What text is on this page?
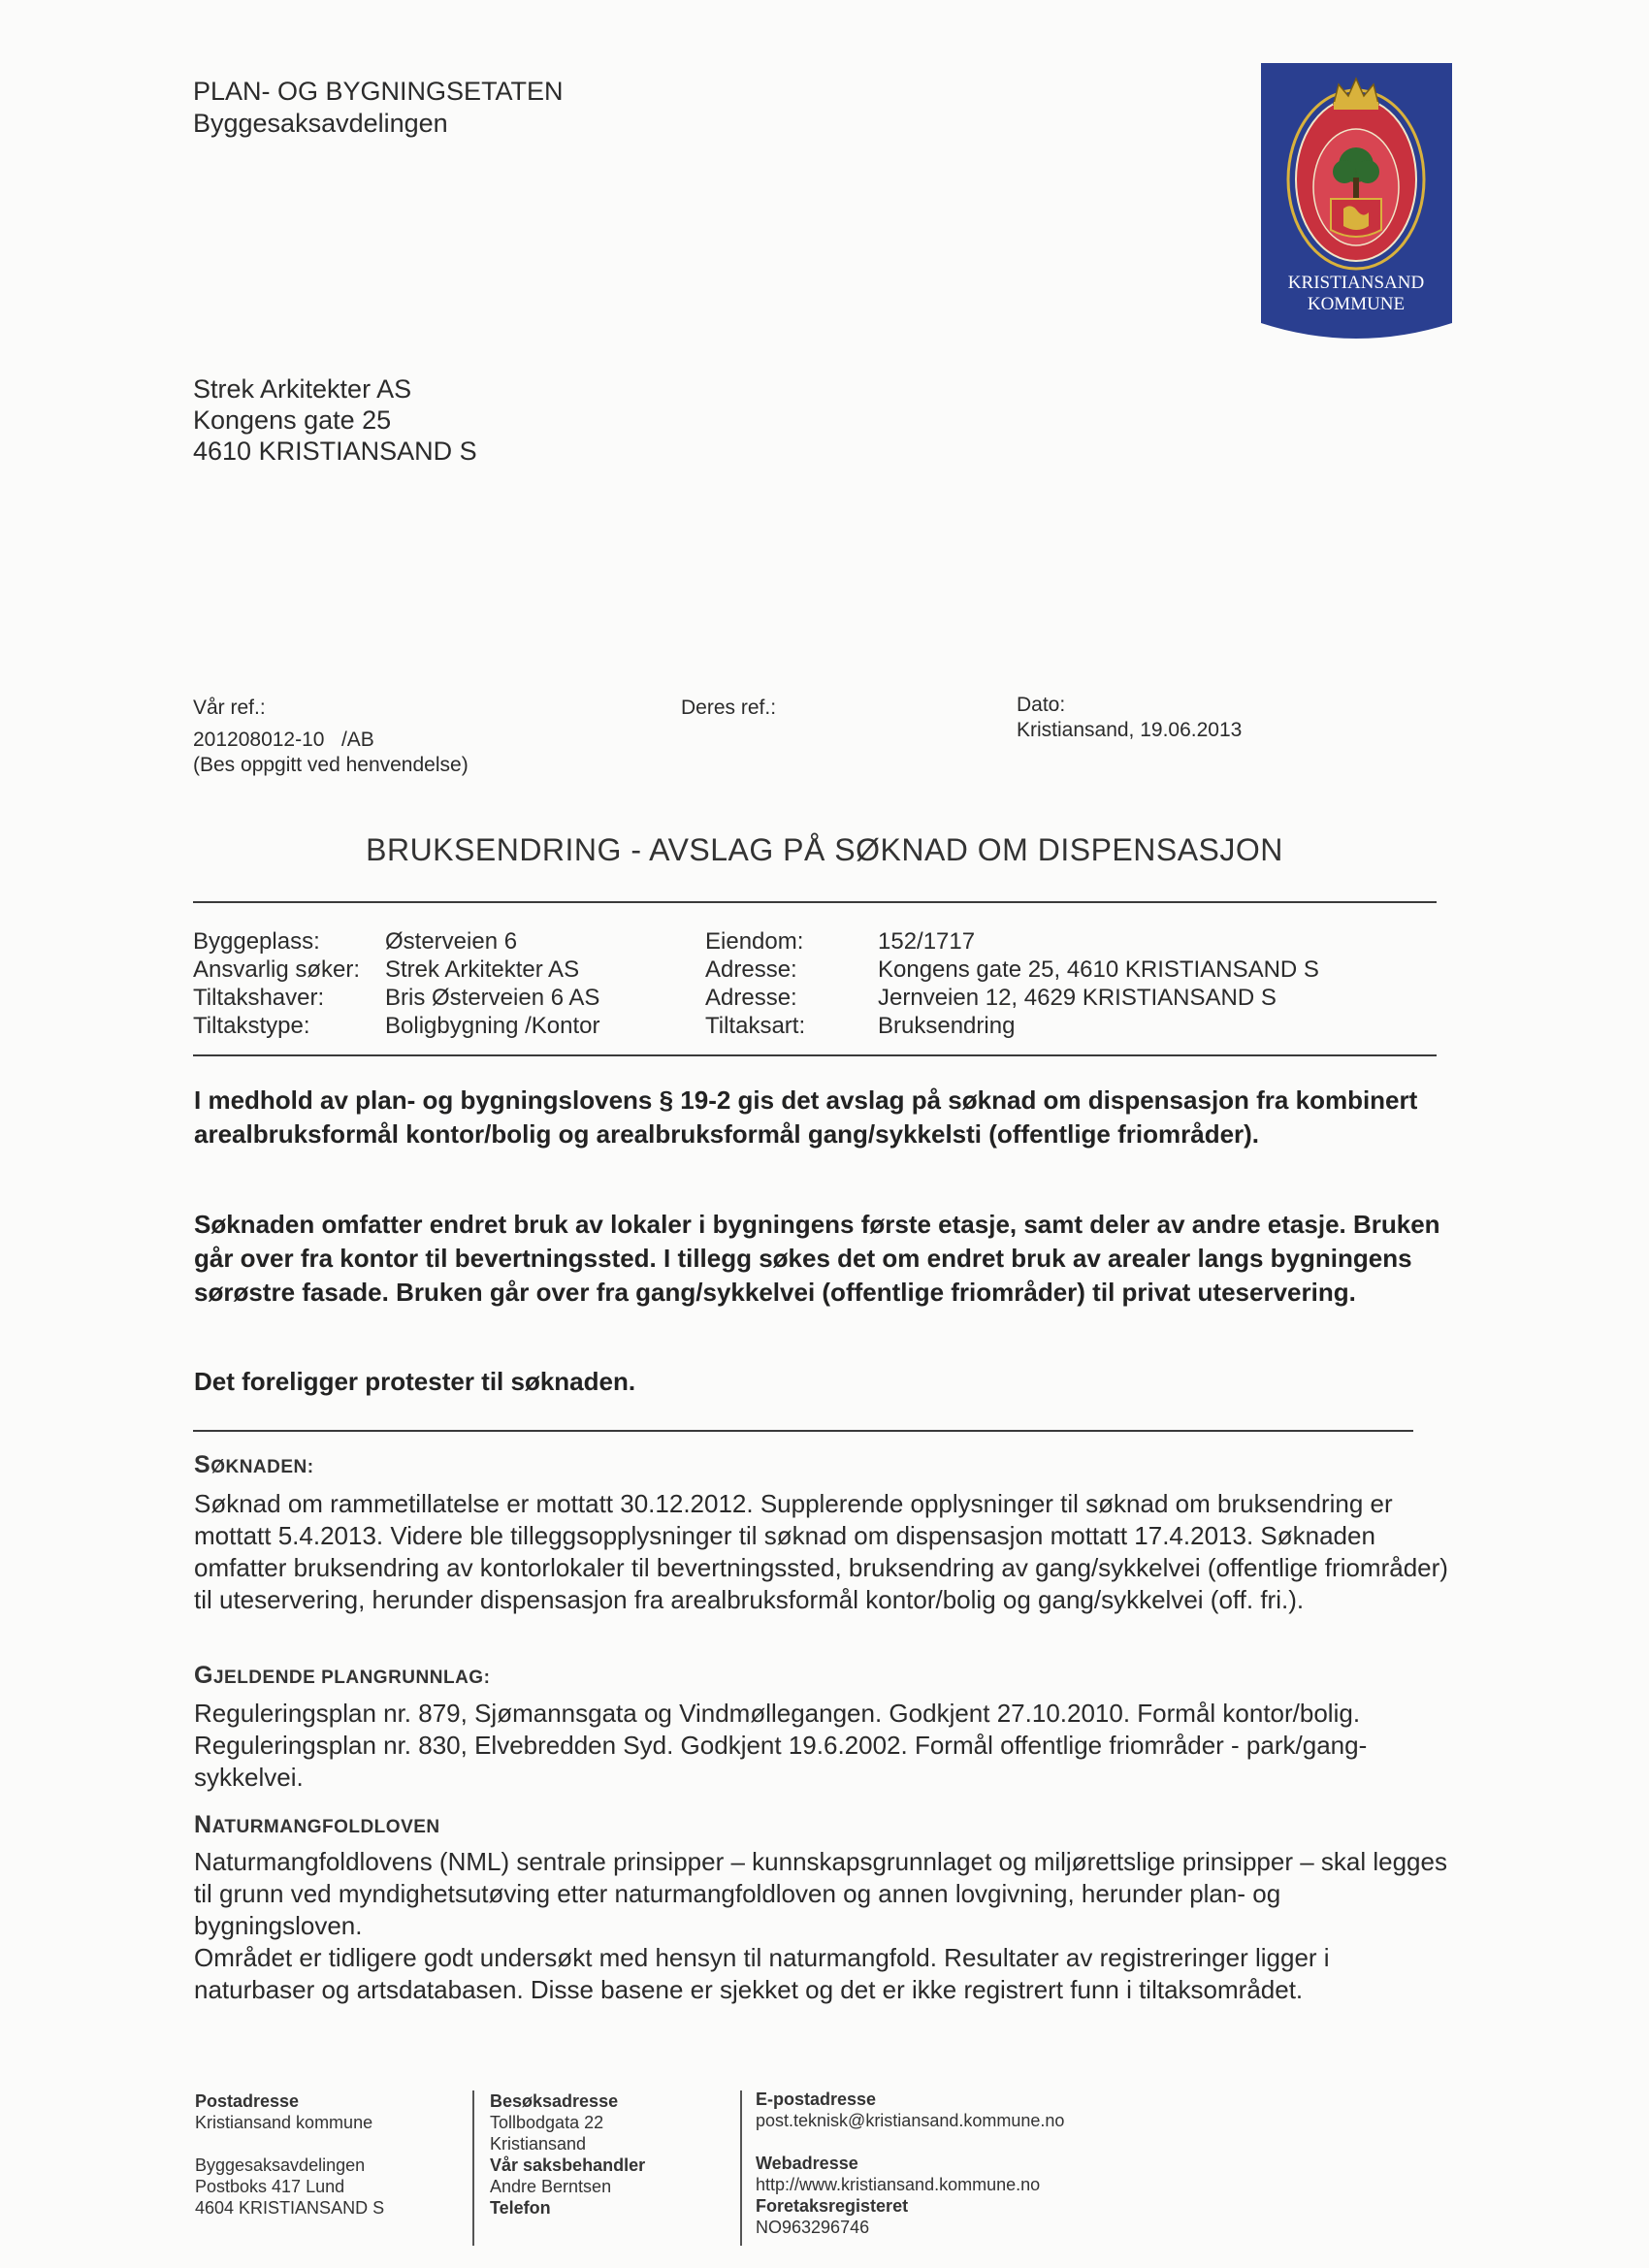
PLAN- OG BYGNINGSETATEN
Byggesaksavdelingen
KRISTIANSAND
KOMMUNE
Strek Arkitekter AS
Kongens gate 25
4610 KRISTIANSAND S
Vår ref.:
201208012-10   /AB
(Bes oppgitt ved henvendelse)
Deres ref.:	Dato:
Kristiansand, 19.06.2013
BRUKSENDRING - AVSLAG PÅ SØKNAD OM DISPENSASJON
Byggeplass:
Ansvarlig søker:
Tiltakshaver:
Tiltakstype:
Østerveien 6
Strek Arkitekter AS
Bris Østerveien 6 AS
Boligbygning /Kontor
Eiendom:
Adresse:
Adresse:
Tiltaksart:
152/1717
Kongens gate 25, 4610 KRISTIANSAND S
Jernveien 12, 4629 KRISTIANSAND S
Bruksendring
I medhold av plan- og bygningslovens § 19-2 gis det avslag på søknad om dispensasjon fra kombinert arealbruksformål kontor/bolig og arealbruksformål gang/sykkelsti (offentlige friområder).
Søknaden omfatter endret bruk av lokaler i bygningens første etasje, samt deler av andre etasje. Bruken går over fra kontor til bevertningssted. I tillegg søkes det om endret bruk av arealer langs bygningens sørøstre fasade. Bruken går over fra gang/sykkelvei (offentlige friområder) til privat uteservering.
Det foreligger protester til søknaden.
SØKNADEN:
Søknad om rammetillatelse er mottatt 30.12.2012. Supplerende opplysninger til søknad om bruksendring er mottatt 5.4.2013. Videre ble tilleggsopplysninger til søknad om dispensasjon mottatt 17.4.2013. Søknaden omfatter bruksendring av kontorlokaler til bevertningssted, bruksendring av gang/sykkelvei (offentlige friområder) til uteservering, herunder dispensasjon fra arealbruksformål kontor/bolig og gang/sykkelvei (off. fri.).
GJELDENDE PLANGRUNNLAG:
Reguleringsplan nr. 879, Sjømannsgata og Vindmøllegangen. Godkjent 27.10.2010. Formål kontor/bolig. Reguleringsplan nr. 830, Elvebredden Syd. Godkjent 19.6.2002. Formål offentlige friområder - park/gang-sykkelvei.
NATURMANGFOLDLOVEN
Naturmangfoldlovens (NML) sentrale prinsipper – kunnskapsgrunnlaget og miljørettslige prinsipper – skal legges til grunn ved myndighetsutøving etter naturmangfoldloven og annen lovgivning, herunder plan- og bygningsloven.
Området er tidligere godt undersøkt med hensyn til naturmangfold. Resultater av registreringer ligger i naturbaser og artsdatabasen. Disse basene er sjekket og det er ikke registrert funn i tiltaksområdet.
Postadresse
Kristiansand kommune
Byggesaksavdelingen
Postboks 417 Lund
4604 KRISTIANSAND S
Besøksadresse
Tollbodgata 22
Kristiansand
Vår saksbehandler
Andre Berntsen
Telefon
E-postadresse
post.teknisk@kristiansand.kommune.no
Webadresse
http://www.kristiansand.kommune.no
Foretaksregisteret
NO963296746
